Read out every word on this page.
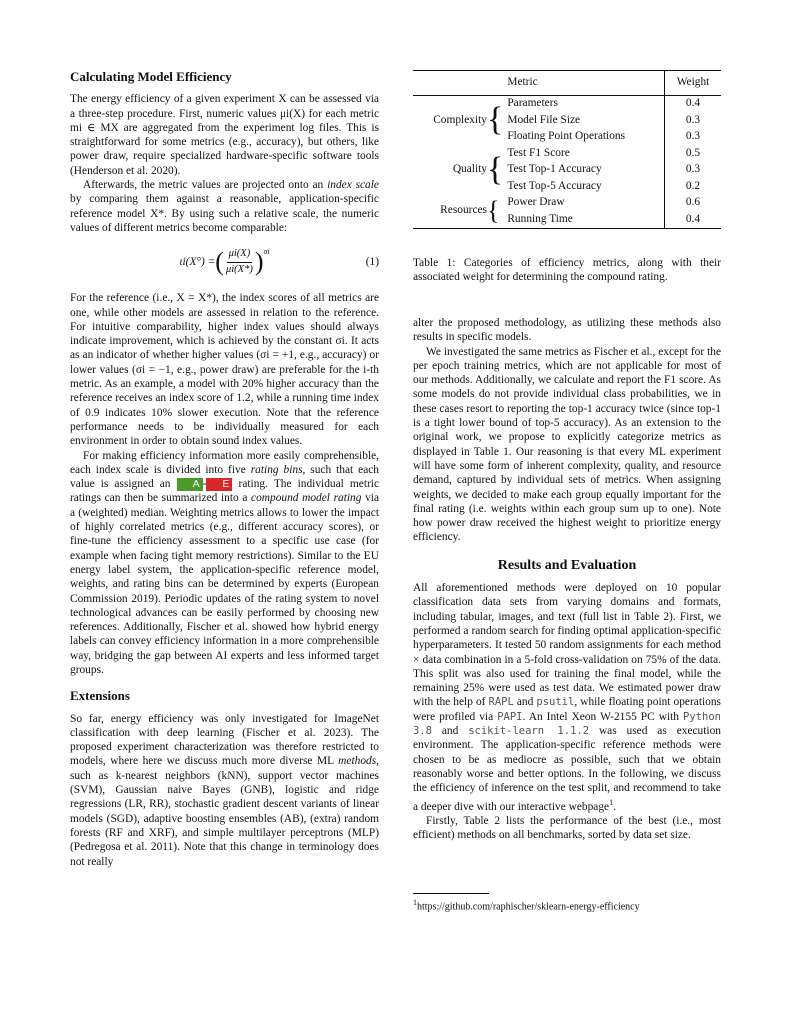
Calculating Model Efficiency

The energy efficiency of a given experiment X can be assessed via a three-step procedure. First, numeric values μi(X) for each metric mi ∈ MX are aggregated from the experiment log files. This is straightforward for some metrics (e.g., accuracy), but others, like power draw, require specialized hardware-specific software tools (Henderson et al. 2020).

Afterwards, the metric values are projected onto an index scale by comparing them against a reasonable, application-specific reference model X*. By using such a relative scale, the numeric values of different metrics become comparable:

ιi(X°) = ( $\frac{\mu i(X)}{\mu i(X*)} )^{\sigma i}$
(1)

For the reference (i.e., X = X*), the index scores of all metrics are one, while other models are assessed in relation to the reference. For intuitive comparability, higher index values should always indicate improvement, which is achieved by the constant σi. It acts as an indicator of whether higher values (σi = +1, e.g., accuracy) or lower values (σi = −1, e.g., power draw) are preferable for the i-th metric. As an example, a model with 20% higher accuracy than the reference receives an index score of 1.2, while a running time index of 0.9 indicates 10% slower execution. Note that the reference performance needs to be individually measured for each environment in order to obtain sound index values.

For making efficiency information more easily comprehensible, each index scale is divided into five rating bins, such that each value is assigned an A - E rating. The individual metric ratings can then be summarized into a compound model rating via a (weighted) median. Weighting metrics allows to lower the impact of highly correlated metrics (e.g., different accuracy scores), or fine-tune the efficiency assessment to a specific use case (for example when facing tight memory restrictions). Similar to the EU energy label system, the application-specific reference model, weights, and rating bins can be determined by experts (European Commission 2019). Periodic updates of the rating system to novel technological advances can be easily performed by choosing new references. Additionally, Fischer et al. showed how hybrid energy labels can convey efficiency information in a more comprehensible way, bridging the gap between AI experts and less informed target groups.

Extensions

So far, energy efficiency was only investigated for ImageNet classification with deep learning (Fischer et al. 2023). The proposed experiment characterization was therefore restricted to models, where here we discuss much more diverse ML methods, such as k-nearest neighbors (kNN), support vector machines (SVM), Gaussian naive Bayes (GNB), logistic and ridge regressions (LR, RR), stochastic gradient descent variants of linear models (SGD), adaptive boosting ensembles (AB), (extra) random forests (RF and XRF), and simple multilayer perceptrons (MLP) (Pedregosa et al. 2011). Note that this change in terminology does not really

		Metric	Weight
Complexity	{	Parameters	0.4
		Model File Size	0.3
		Floating Point Operations	0.3
Quality	{	Test F1 Score	0.5
		Test Top-1 Accuracy	0.3
		Test Top-5 Accuracy	0.2
Resources	{	Power Draw	0.6
		Running Time	0.4
Table 1: Categories of efficiency metrics, along with their associated weight for determining the compound rating.

alter the proposed methodology, as utilizing these methods also results in specific models.

We investigated the same metrics as Fischer et al., except for the per epoch training metrics, which are not applicable for most of our methods. Additionally, we calculate and report the F1 score. As some models do not provide individual class probabilities, we in these cases resort to reporting the top-1 accuracy twice (since top-1 is a tight lower bound of top-5 accuracy). As an extension to the original work, we propose to explicitly categorize metrics as displayed in Table 1. Our reasoning is that every ML experiment will have some form of inherent complexity, quality, and resource demand, captured by individual sets of metrics. When assigning weights, we decided to make each group equally important for the final rating (i.e. weights within each group sum up to one). Note how power draw received the highest weight to prioritize energy efficiency.

Results and Evaluation

All aforementioned methods were deployed on 10 popular classification data sets from varying domains and formats, including tabular, images, and text (full list in Table 2). First, we performed a random search for finding optimal application-specific hyperparameters. It tested 50 random assignments for each method × data combination in a 5-fold cross-validation on 75% of the data. This split was also used for training the final model, while the remaining 25% were used as test data. We estimated power draw with the help of RAPL and psutil, while floating point operations were profiled via PAPI. An Intel Xeon W-2155 PC with Python 3.8 and scikit-learn 1.1.2 was used as execution environment. The application-specific reference methods were chosen to be as mediocre as possible, such that we obtain reasonably worse and better options. In the following, we discuss the efficiency of inference on the test split, and recommend to take a deeper dive with our interactive webpage$^1$.

Firstly, Table 2 lists the performance of the best (i.e., most efficient) methods on all benchmarks, sorted by data set size.

$^1$https://github.com/raphischer/sklearn-energy-efficiency
